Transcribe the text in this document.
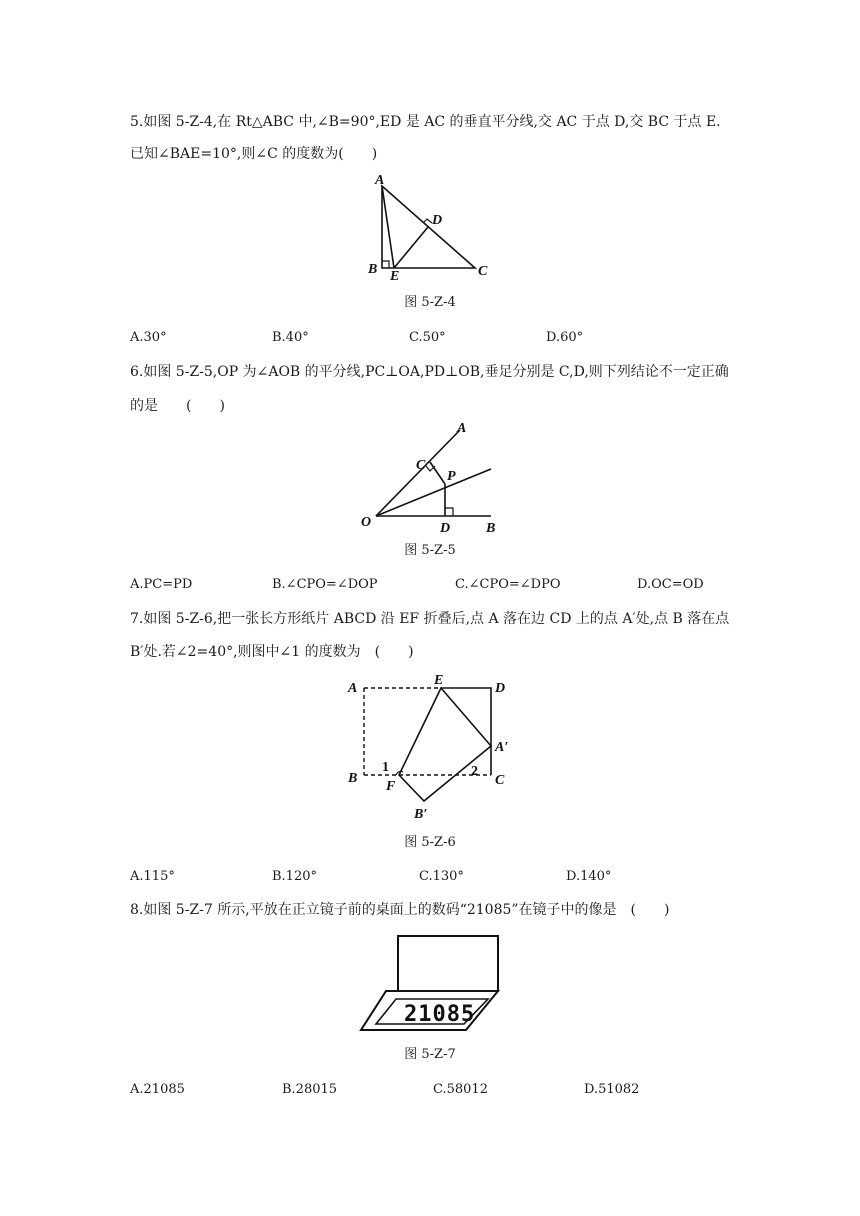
5.如图 5-Z-4,在 Rt△ABC 中,∠B=90°,ED 是 AC 的垂直平分线,交 AC 于点 D,交 BC 于点 E.
已知∠BAE=10°,则∠C 的度数为(　　)
A
B E
D
C
图 5-Z-4
A.30°	B.40°	C.50°	D.60°
6.如图 5-Z-5,OP 为∠AOB 的平分线,PC⊥OA,PD⊥OB,垂足分别是 C,D,则下列结论不一定正确
的是　　(　　)
A
C
P
O	D	B
图 5-Z-5
A.PC=PD	B.∠CPO=∠DOP	C.∠CPO=∠DPO	D.OC=OD
7.如图 5-Z-6,把一张长方形纸片 ABCD 沿 EF 折叠后,点 A 落在边 CD 上的点 A′处,点 B 落在点
B′处.若∠2=40°,则图中∠1 的度数为　(　　)
A
E
D
A′
1	2
B
F	C
B′
图 5-Z-6
A.115°	B.120°	C.130°	D.140°
8.如图 5-Z-7 所示,平放在正立镜子前的桌面上的数码“21085”在镜子中的像是　(　　)
21085
图 5-Z-7
A.21085	B.28015	C.58012	D.51082
